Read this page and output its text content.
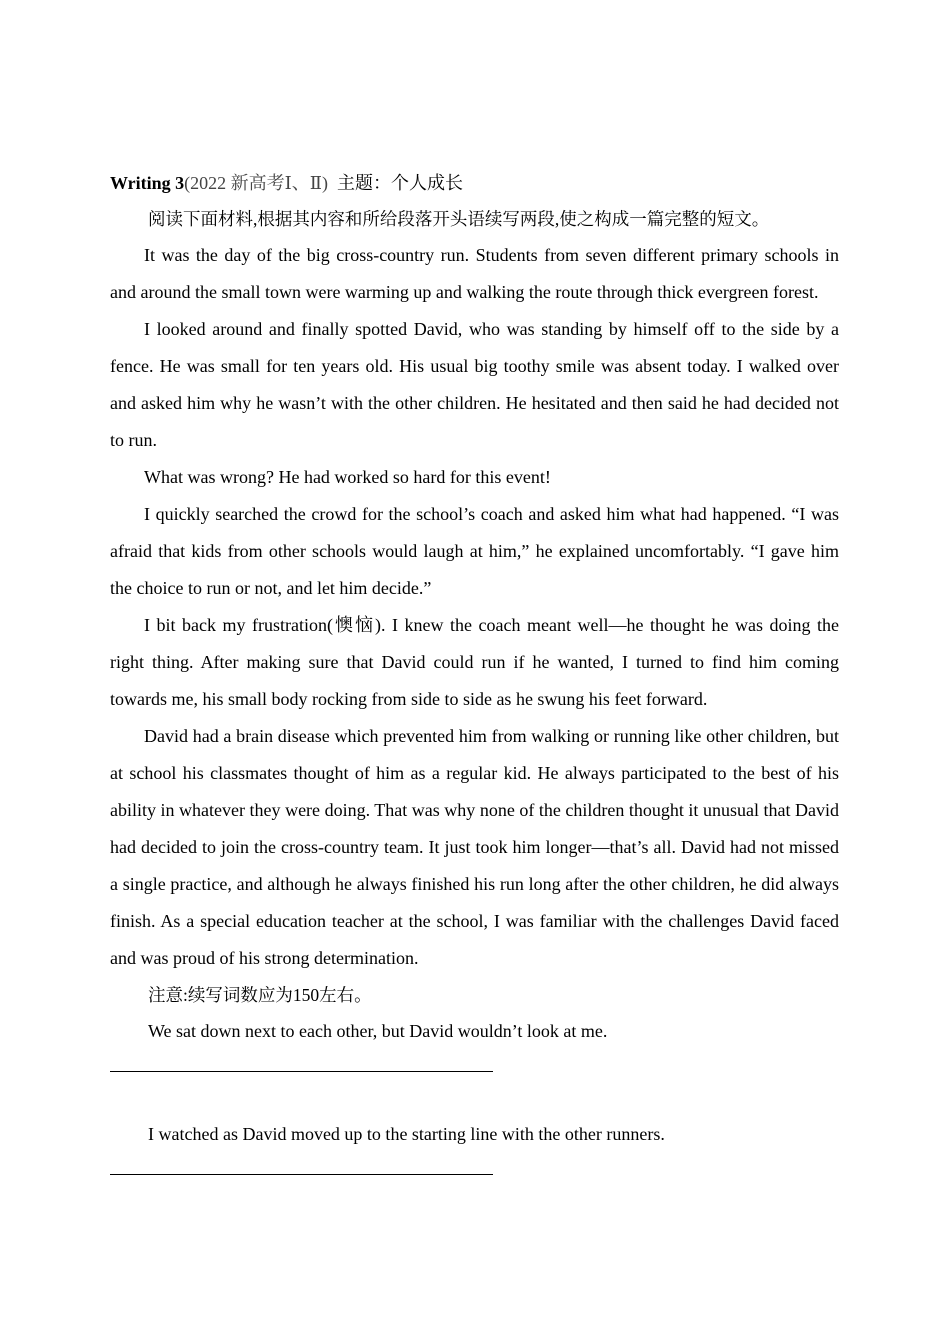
Writing 3(2022 新高考Ⅰ、Ⅱ) 主题：个人成长

阅读下面材料,根据其内容和所给段落开头语续写两段,使之构成一篇完整的短文。

It was the day of the big cross-country run. Students from seven different primary schools in and around the small town were warming up and walking the route through thick evergreen forest.

I looked around and finally spotted David, who was standing by himself off to the side by a fence. He was small for ten years old. His usual big toothy smile was absent today. I walked over and asked him why he wasn’t with the other children. He hesitated and then said he had decided not to run.

What was wrong? He had worked so hard for this event!

I quickly searched the crowd for the school’s coach and asked him what had happened. “I was afraid that kids from other schools would laugh at him,” he explained uncomfortably. “I gave him the choice to run or not, and let him decide.”

I bit back my frustration(懊恼). I knew the coach meant well—he thought he was doing the right thing. After making sure that David could run if he wanted, I turned to find him coming towards me, his small body rocking from side to side as he swung his feet forward.

David had a brain disease which prevented him from walking or running like other children, but at school his classmates thought of him as a regular kid. He always participated to the best of his ability in whatever they were doing. That was why none of the children thought it unusual that David had decided to join the cross-country team. It just took him longer—that’s all. David had not missed a single practice, and although he always finished his run long after the other children, he did always finish. As a special education teacher at the school, I was familiar with the challenges David faced and was proud of his strong determination.

注意:续写词数应为150左右。

We sat down next to each other, but David wouldn’t look at me.

I watched as David moved up to the starting line with the other runners.
